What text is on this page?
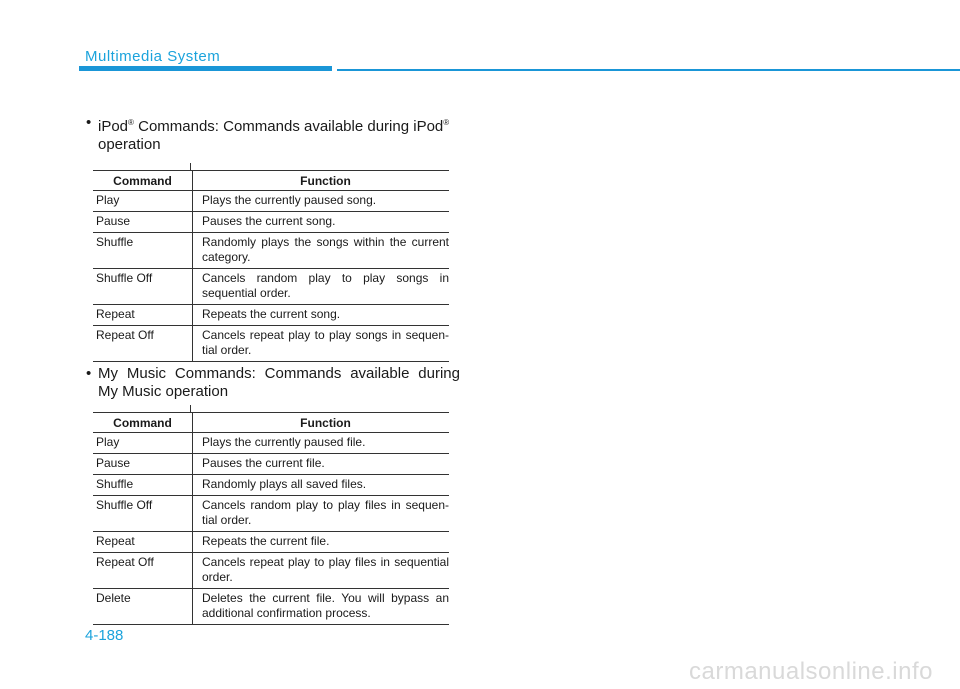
Multimedia System
• iPod® Commands: Commands available during iPod®
operation
Command	Function
Play	Plays the currently paused song.
Pause	Pauses the current song.
Shuffle	Randomly plays the songs within the current category.
Shuffle Off	Cancels random play to play songs in sequential order.
Repeat	Repeats the current song.
Repeat Off	Cancels repeat play to play songs in sequen-tial order.
• My Music Commands: Commands available during
My Music operation
Command	Function
Play	Plays the currently paused file.
Pause	Pauses the current file.
Shuffle	Randomly plays all saved files.
Shuffle Off	Cancels random play to play files in sequen-tial order.
Repeat	Repeats the current file.
Repeat Off	Cancels repeat play to play files in sequential order.
Delete	Deletes the current file. You will bypass an additional confirmation process.
4-188
carmanualsonline.info
